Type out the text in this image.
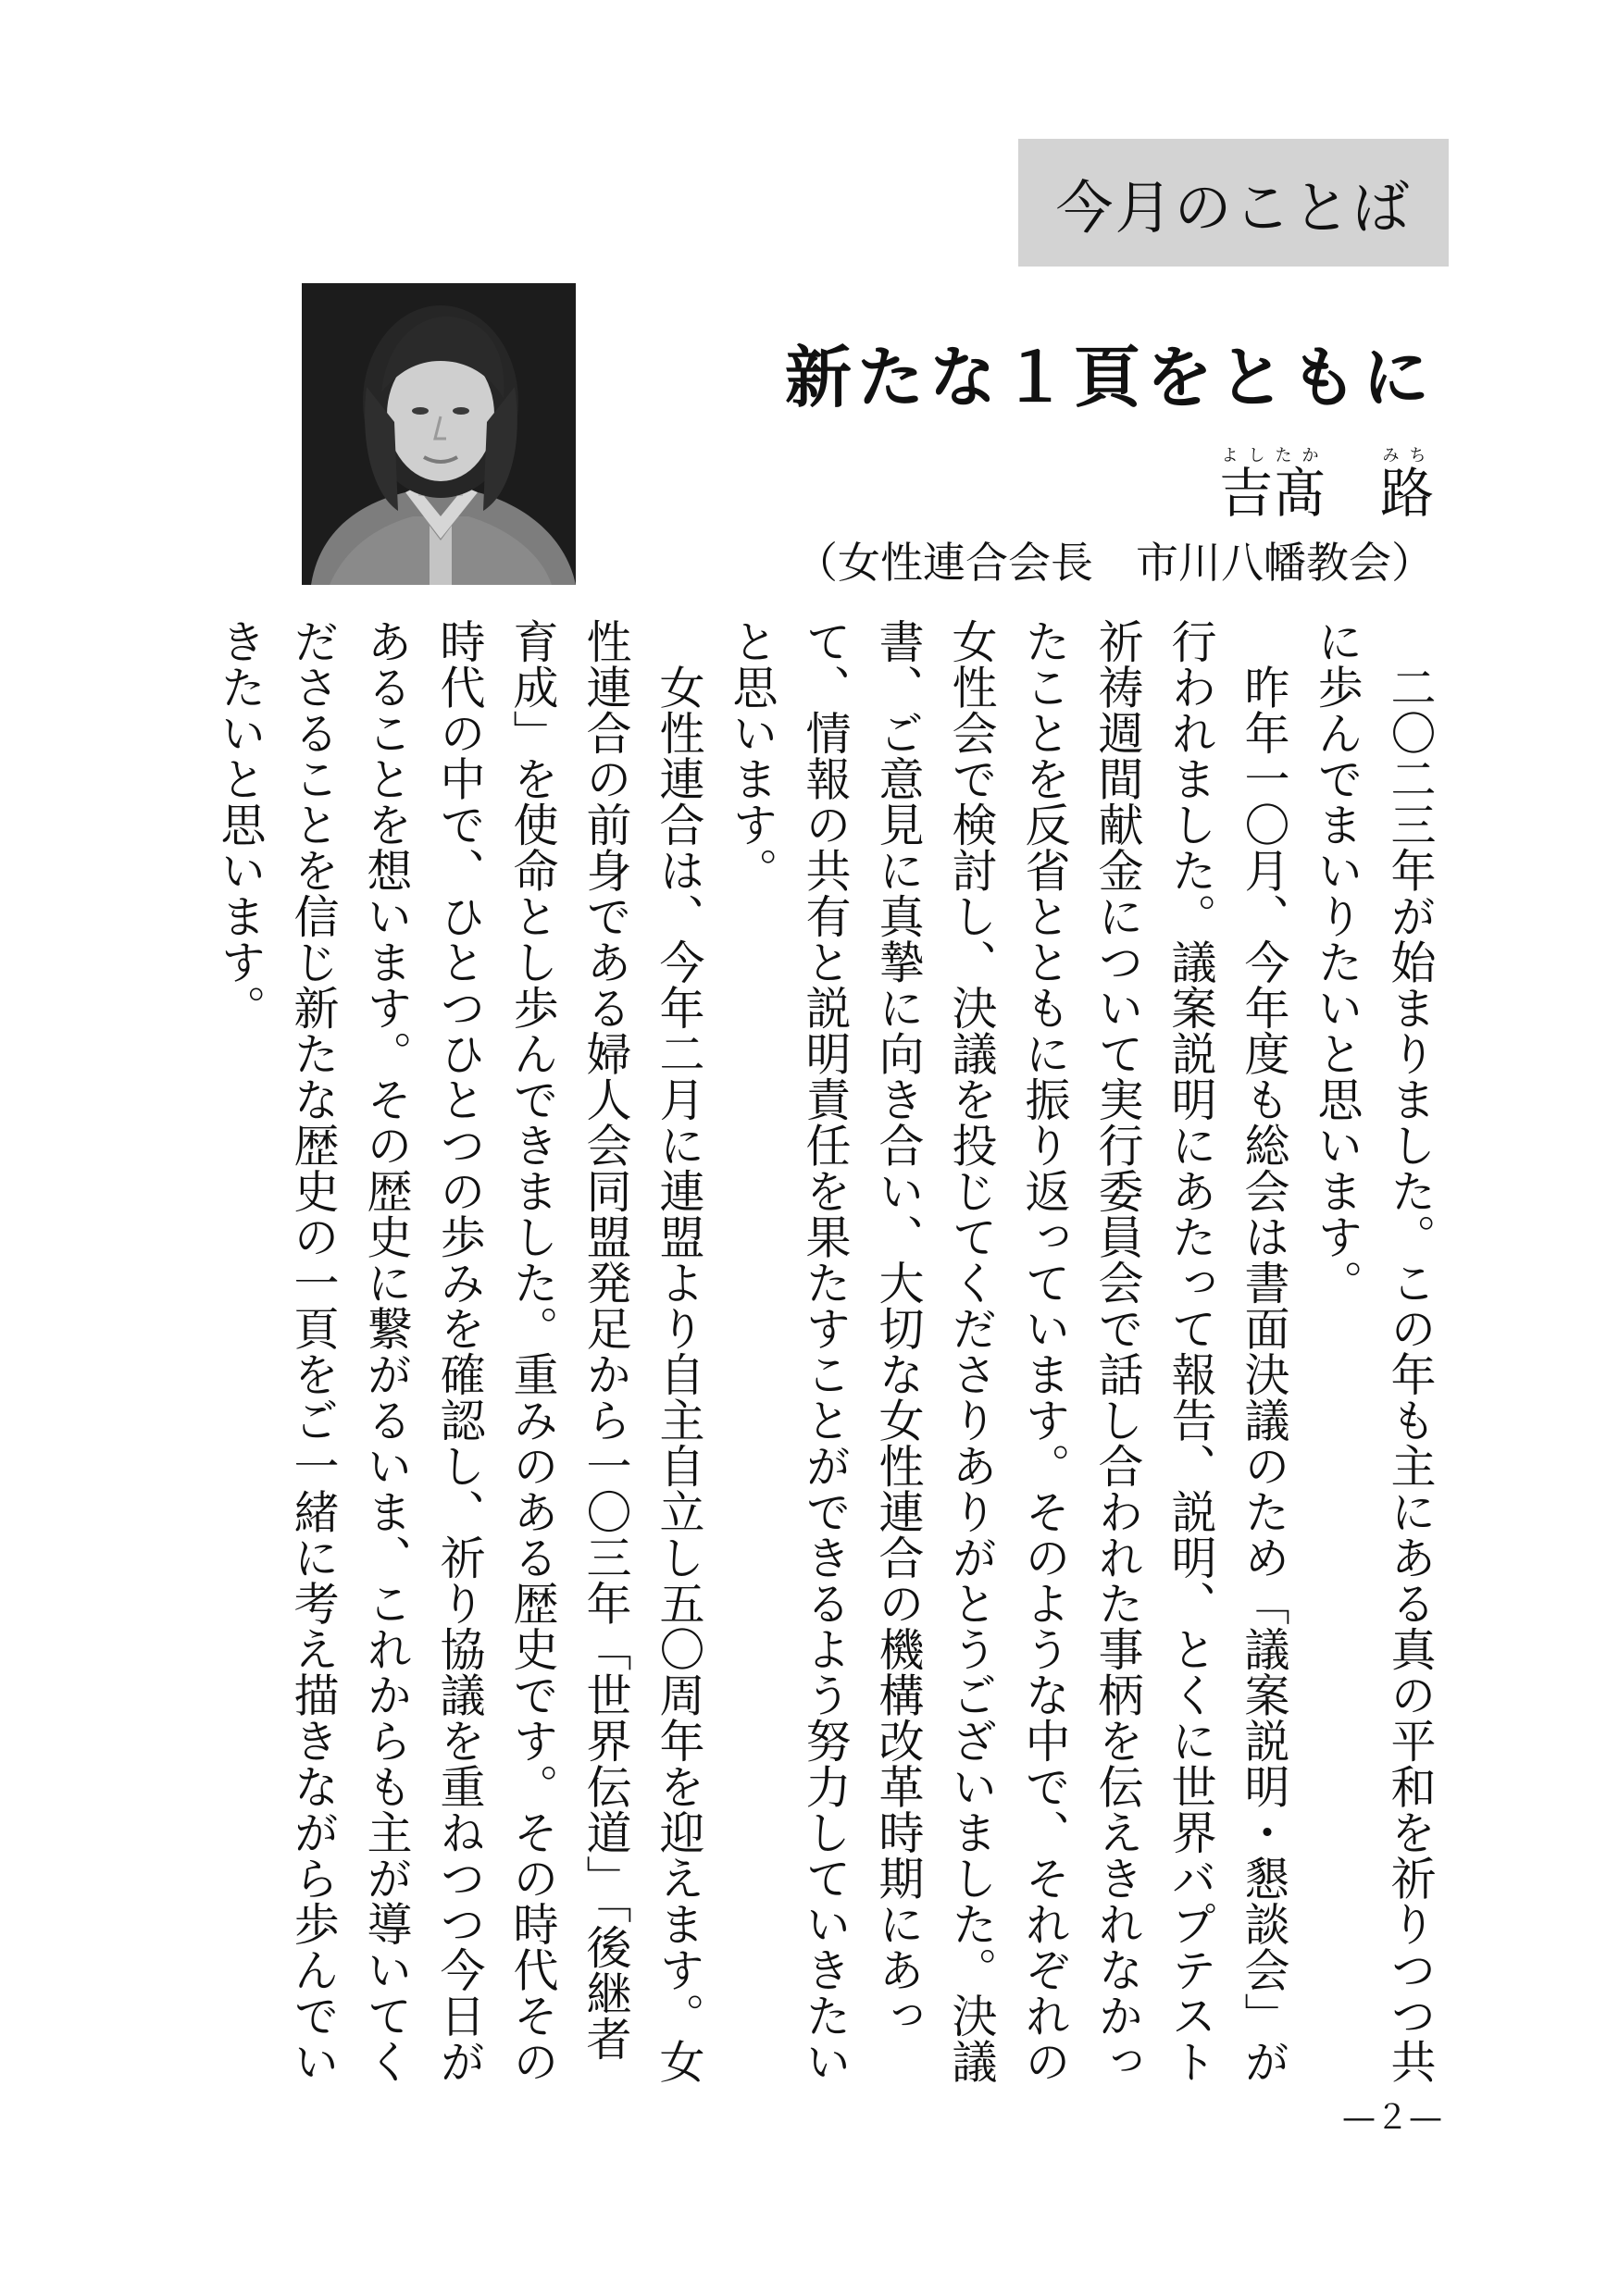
今月のことば
新たな１頁をともに
吉髙よしたか　路みち
（女性連合会長　市川八幡教会）

　二〇二三年が始まりました。この年も主にある真の平和を祈りつつ共に歩んでまいりたいと思います。

　昨年一〇月、今年度も総会は書面決議のため「議案説明・懇談会」が行われました。議案説明にあたって報告、説明、とくに世界バプテスト祈祷週間献金について実行委員会で話し合われた事柄を伝えきれなかったことを反省とともに振り返っています。そのような中で、それぞれの女性会で検討し、決議を投じてくださりありがとうございました。決議書、ご意見に真摯に向き合い、大切な女性連合の機構改革時期にあって、情報の共有と説明責任を果たすことができるよう努力していきたいと思います。

　女性連合は、今年二月に連盟より自主自立し五〇周年を迎えます。女性連合の前身である婦人会同盟発足から一〇三年「世界伝道」「後継者育成」を使命とし歩んできました。重みのある歴史です。その時代その時代の中で、ひとつひとつの歩みを確認し、祈り協議を重ねつつ今日があることを想います。その歴史に繋がるいま、これからも主が導いてくださることを信じ新たな歴史の一頁をご一緒に考え描きながら歩んでいきたいと思います。

—２—
